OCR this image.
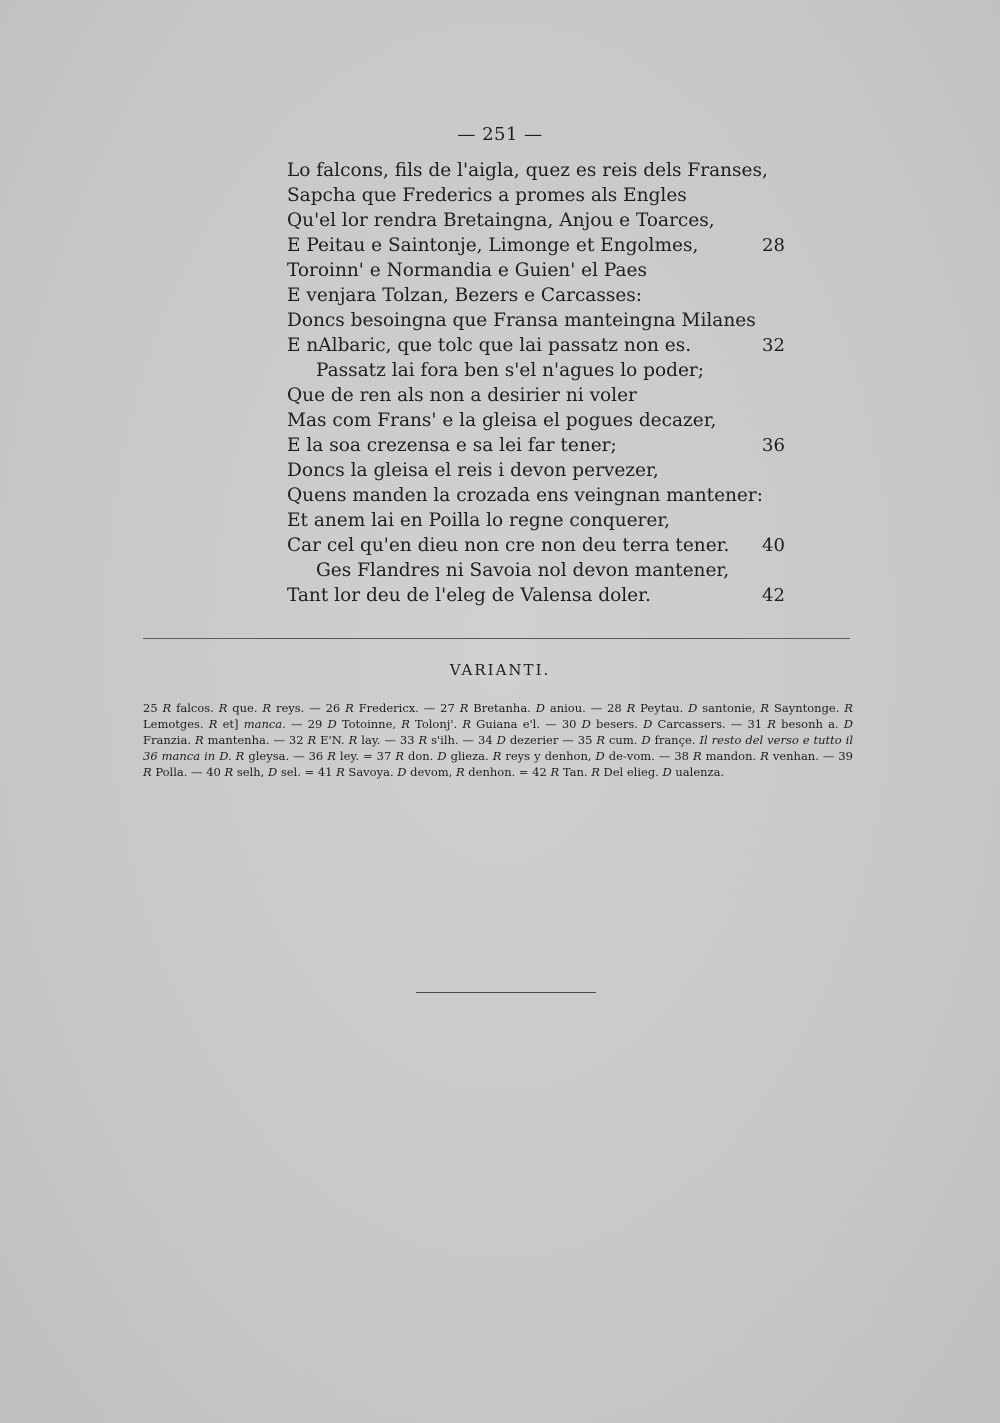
— 251 —
Lo falcons, fils de l'aigla, quez es reis dels Franses,
Sapcha que Frederics a promes als Engles
Qu'el lor rendra Bretaingna, Anjou e Toarces,
E Peitau e Saintonje, Limonge et Engolmes,	28
Toroinn' e Normandia e Guien' el Paes
E venjara Tolzan, Bezers e Carcasses:
Doncs besoingna que Fransa manteingna Milanes
E nAlbaric, que tolc que lai passatz non es.	32
Passatz lai fora ben s'el n'agues lo poder;
Que de ren als non a desirier ni voler
Mas com Frans' e la gleisa el pogues decazer,
E la soa crezensa e sa lei far tener;	36
Doncs la gleisa el reis i devon pervezer,
Quens manden la crozada ens veingnan mantener:
Et anem lai en Poilla lo regne conquerer,
Car cel qu'en dieu non cre non deu terra tener.	40
Ges Flandres ni Savoia nol devon mantener,
Tant lor deu de l'eleg de Valensa doler.	42
VARIANTI.
25 R falcos. R que. R reys. — 26 R Fredericx. — 27 R Bretanha. D aniou. — 28 R Peytau. D santonie, R Sayntonge. R Lemotges. R et] manca. — 29 D Totoinne, R Tolonj'. R Guiana e'l. — 30 D besers. D Carcassers. — 31 R besonh a. D Franzia. R mantenha. — 32 R E'N. R lay. — 33 R s'ilh. — 34 D dezerier — 35 R cum. D françe. Il resto del verso e tutto il 36 manca in D. R gleysa. — 36 R ley. = 37 R don. D glieza. R reys y denhon, D de-vom. — 38 R mandon. R venhan. — 39 R Polla. — 40 R selh, D sel. = 41 R Savoya. D devom, R denhon. = 42 R Tan. R Del elieg. D ualenza.
